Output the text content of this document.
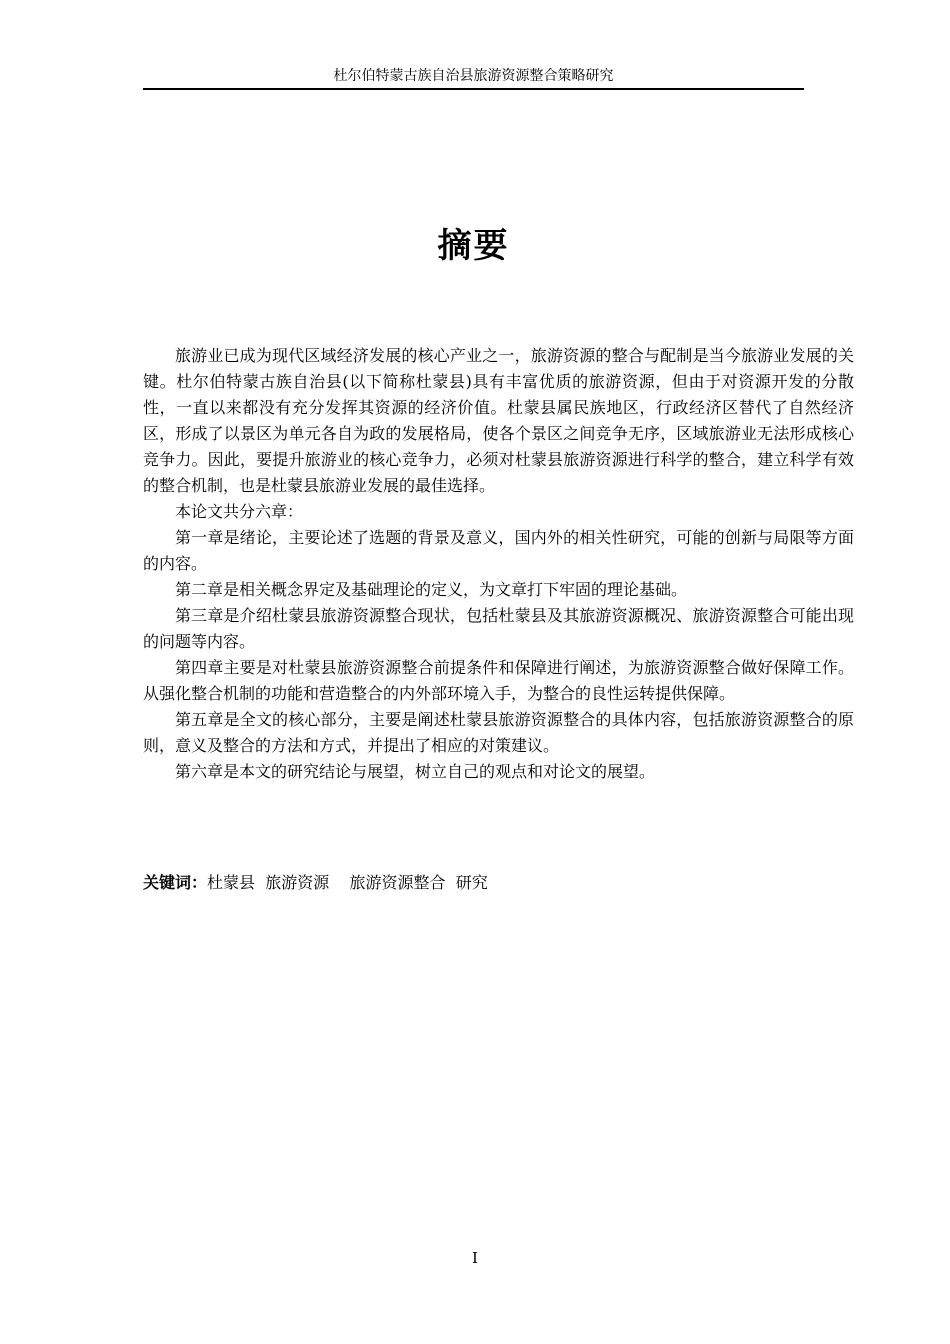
杜尔伯特蒙古族自治县旅游资源整合策略研究
摘要

旅游业已成为现代区域经济发展的核心产业之一，旅游资源的整合与配制是当今旅游业发展的关键。杜尔伯特蒙古族自治县(以下简称杜蒙县)具有丰富优质的旅游资源，但由于对资源开发的分散性，一直以来都没有充分发挥其资源的经济价值。杜蒙县属民族地区，行政经济区替代了自然经济区，形成了以景区为单元各自为政的发展格局，使各个景区之间竞争无序，区域旅游业无法形成核心竞争力。因此，要提升旅游业的核心竞争力，必须对杜蒙县旅游资源进行科学的整合，建立科学有效的整合机制，也是杜蒙县旅游业发展的最佳选择。

本论文共分六章：

第一章是绪论，主要论述了选题的背景及意义，国内外的相关性研究，可能的创新与局限等方面的内容。

第二章是相关概念界定及基础理论的定义，为文章打下牢固的理论基础。

第三章是介绍杜蒙县旅游资源整合现状，包括杜蒙县及其旅游资源概况、旅游资源整合可能出现的问题等内容。

第四章主要是对杜蒙县旅游资源整合前提条件和保障进行阐述，为旅游资源整合做好保障工作。从强化整合机制的功能和营造整合的内外部环境入手，为整合的良性运转提供保障。

第五章是全文的核心部分，主要是阐述杜蒙县旅游资源整合的具体内容，包括旅游资源整合的原则，意义及整合的方法和方式，并提出了相应的对策建议。

第六章是本文的研究结论与展望，树立自己的观点和对论文的展望。

关键词：杜蒙县  旅游资源    旅游资源整合  研究
I
